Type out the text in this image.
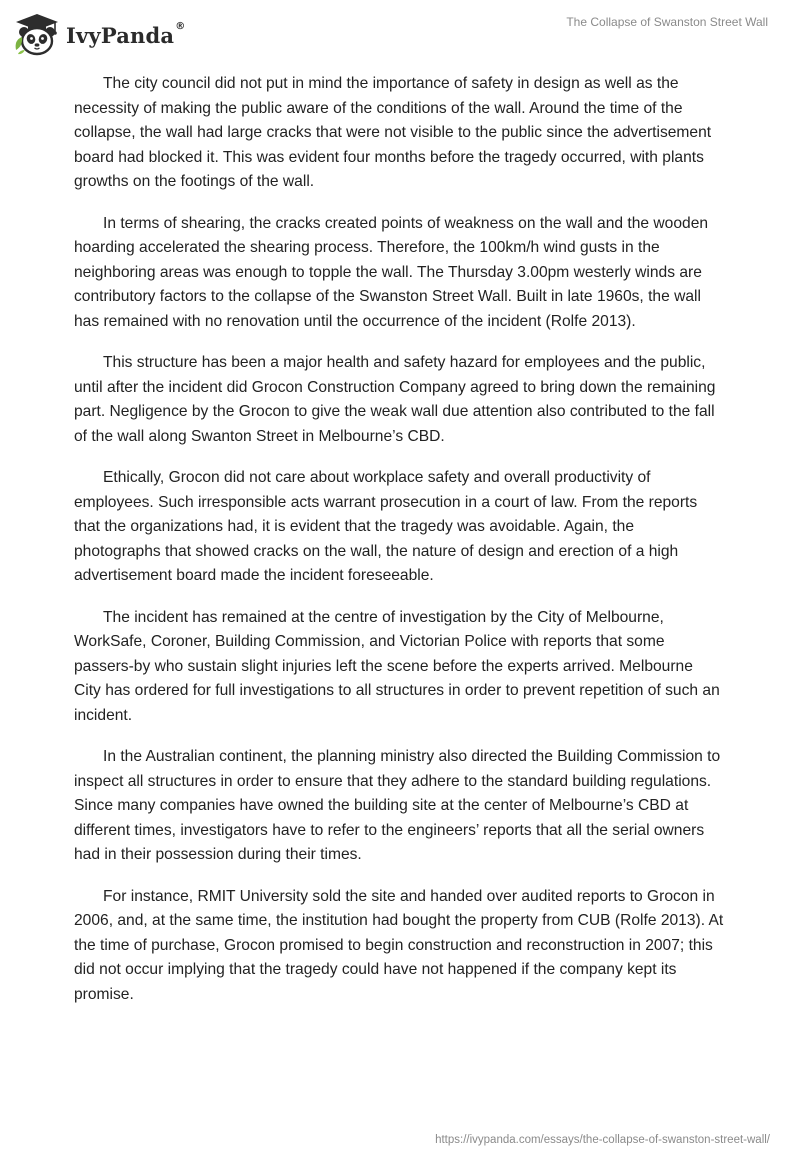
IvyPanda®	The Collapse of Swanston Street Wall

The city council did not put in mind the importance of safety in design as well as the necessity of making the public aware of the conditions of the wall. Around the time of the collapse, the wall had large cracks that were not visible to the public since the advertisement board had blocked it. This was evident four months before the tragedy occurred, with plants growths on the footings of the wall.

In terms of shearing, the cracks created points of weakness on the wall and the wooden hoarding accelerated the shearing process. Therefore, the 100km/h wind gusts in the neighboring areas was enough to topple the wall. The Thursday 3.00pm westerly winds are contributory factors to the collapse of the Swanston Street Wall. Built in late 1960s, the wall has remained with no renovation until the occurrence of the incident (Rolfe 2013).

This structure has been a major health and safety hazard for employees and the public, until after the incident did Grocon Construction Company agreed to bring down the remaining part. Negligence by the Grocon to give the weak wall due attention also contributed to the fall of the wall along Swanton Street in Melbourne’s CBD.

Ethically, Grocon did not care about workplace safety and overall productivity of employees. Such irresponsible acts warrant prosecution in a court of law. From the reports that the organizations had, it is evident that the tragedy was avoidable. Again, the photographs that showed cracks on the wall, the nature of design and erection of a high advertisement board made the incident foreseeable.

The incident has remained at the centre of investigation by the City of Melbourne, WorkSafe, Coroner, Building Commission, and Victorian Police with reports that some passers-by who sustain slight injuries left the scene before the experts arrived. Melbourne City has ordered for full investigations to all structures in order to prevent repetition of such an incident.

In the Australian continent, the planning ministry also directed the Building Commission to inspect all structures in order to ensure that they adhere to the standard building regulations. Since many companies have owned the building site at the center of Melbourne’s CBD at different times, investigators have to refer to the engineers’ reports that all the serial owners had in their possession during their times.

For instance, RMIT University sold the site and handed over audited reports to Grocon in 2006, and, at the same time, the institution had bought the property from CUB (Rolfe 2013). At the time of purchase, Grocon promised to begin construction and reconstruction in 2007; this did not occur implying that the tragedy could have not happened if the company kept its promise.

https://ivypanda.com/essays/the-collapse-of-swanston-street-wall/
